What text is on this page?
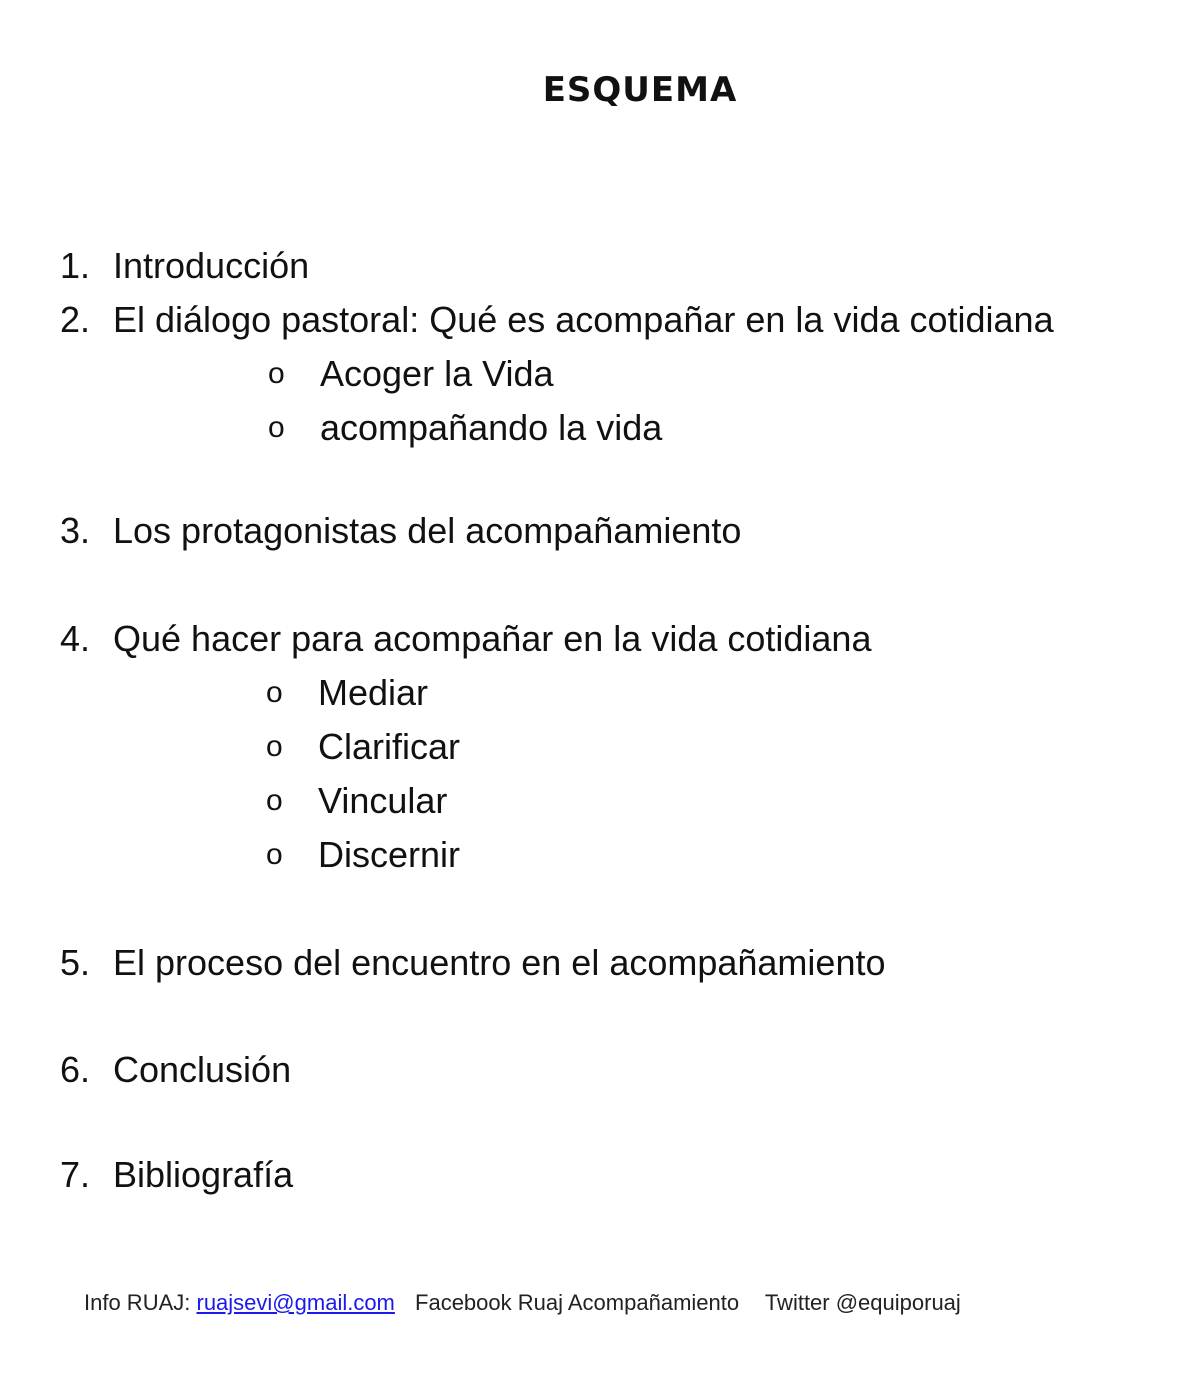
ESQUEMA
1. Introducción
2. El diálogo pastoral: Qué es acompañar en la vida cotidiana
o Acoger la Vida
o acompañando la vida
3. Los protagonistas del acompañamiento
4. Qué hacer para acompañar en la vida cotidiana
o Mediar
o Clarificar
o Vincular
o Discernir
5. El proceso del encuentro en el acompañamiento
6. Conclusión
7. Bibliografía
Info RUAJ: ruajsevi@gmail.com Facebook Ruaj Acompañamiento Twitter @equiporuaj
